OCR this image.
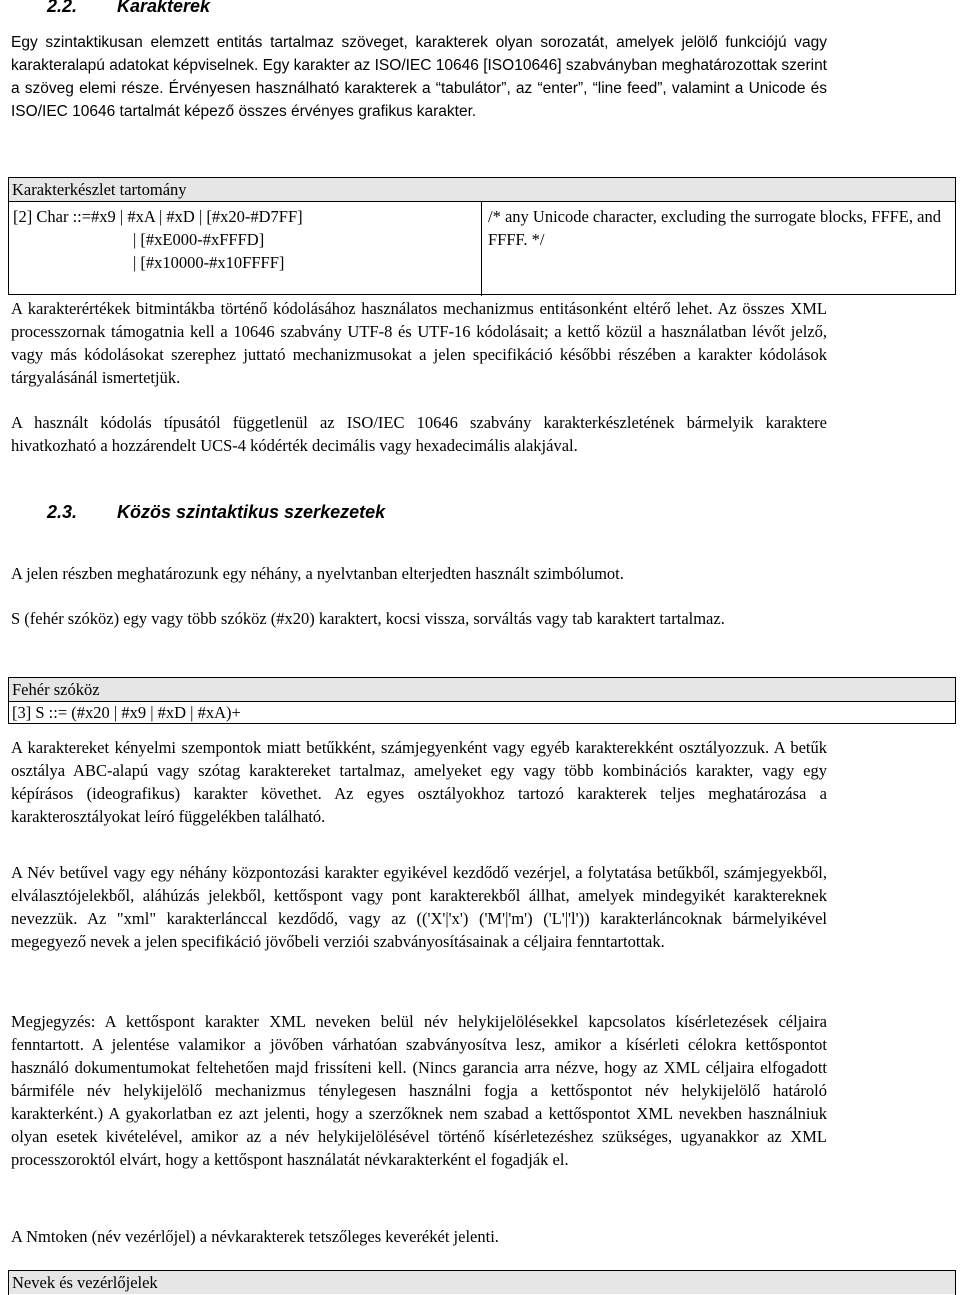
2.2. Karakterek

Egy szintaktikusan elemzett entitás tartalmaz szöveget, karakterek olyan sorozatát, amelyek jelölő funkciójú vagy karakteralapú adatokat képviselnek. Egy karakter az ISO/IEC 10646 [ISO10646] szabványban meghatározottak szerint a szöveg elemi része. Érvényesen használható karakterek a “tabulátor”, az “enter”, “line feed”, valamint a Unicode és ISO/IEC 10646 tartalmát képező összes érvényes grafikus karakter.

Karakterkészlet tartomány
[2] Char ::=#x9 | #xA | #xD | [#x20-#D7FF]
| [#xE000-#xFFFD]
| [#x10000-#x10FFFF]
/* any Unicode character, excluding the surrogate blocks, FFFE, and FFFF. */

A karakterértékek bitmintákba történő kódolásához használatos mechanizmus entitásonként eltérő lehet. Az összes XML processzornak támogatnia kell a 10646 szabvány UTF-8 és UTF-16 kódolásait; a kettő közül a használatban lévőt jelző, vagy más kódolásokat szerephez juttató mechanizmusokat a jelen specifikáció későbbi részében a karakter kódolások tárgyalásánál ismertetjük.

A használt kódolás típusától függetlenül az ISO/IEC 10646 szabvány karakterkészletének bármelyik karaktere hivatkozható a hozzárendelt UCS-4 kódérték decimális vagy hexadecimális alakjával.

2.3. Közös szintaktikus szerkezetek

A jelen részben meghatározunk egy néhány, a nyelvtanban elterjedten használt szimbólumot.

S (fehér szóköz) egy vagy több szóköz (#x20) karaktert, kocsi vissza, sorváltás vagy tab karaktert tartalmaz.

Fehér szóköz
[3] S ::= (#x20 | #x9 | #xD | #xA)+

A karaktereket kényelmi szempontok miatt betűkként, számjegyenként vagy egyéb karakterekként osztályozzuk. A betűk osztálya ABC-alapú vagy szótag karaktereket tartalmaz, amelyeket egy vagy több kombinációs karakter, vagy egy képírásos (ideografikus) karakter követhet. Az egyes osztályokhoz tartozó karakterek teljes meghatározása a karakterosztályokat leíró függelékben található.

A Név betűvel vagy egy néhány központozási karakter egyikével kezdődő vezérjel, a folytatása betűkből, számjegyekből, elválasztójelekből, aláhúzás jelekből, kettőspont vagy pont karakterekből állhat, amelyek mindegyikét karaktereknek nevezzük. Az "xml" karakterlánccal kezdődő, vagy az (('X'|'x') ('M'|'m') ('L'|'l')) karakterláncoknak bármelyikével megegyező nevek a jelen specifikáció jövőbeli verziói szabványosításainak a céljaira fenntartottak.

Megjegyzés: A kettőspont karakter XML neveken belül név helykijelölésekkel kapcsolatos kísérletezések céljaira fenntartott. A jelentése valamikor a jövőben várhatóan szabványosítva lesz, amikor a kísérleti célokra kettőspontot használó dokumentumokat feltehetően majd frissíteni kell. (Nincs garancia arra nézve, hogy az XML céljaira elfogadott bármiféle név helykijelölő mechanizmus ténylegesen használni fogja a kettőspontot név helykijelölő határoló karakterként.) A gyakorlatban ez azt jelenti, hogy a szerzőknek nem szabad a kettőspontot XML nevekben használniuk olyan esetek kivételével, amikor az a név helykijelölésével történő kísérletezéshez szükséges, ugyanakkor az XML processzoroktól elvárt, hogy a kettőspont használatát névkarakterként el fogadják el.

A Nmtoken (név vezérlőjel) a névkarakterek tetszőleges keverékét jelenti.

Nevek és vezérlőjelek
